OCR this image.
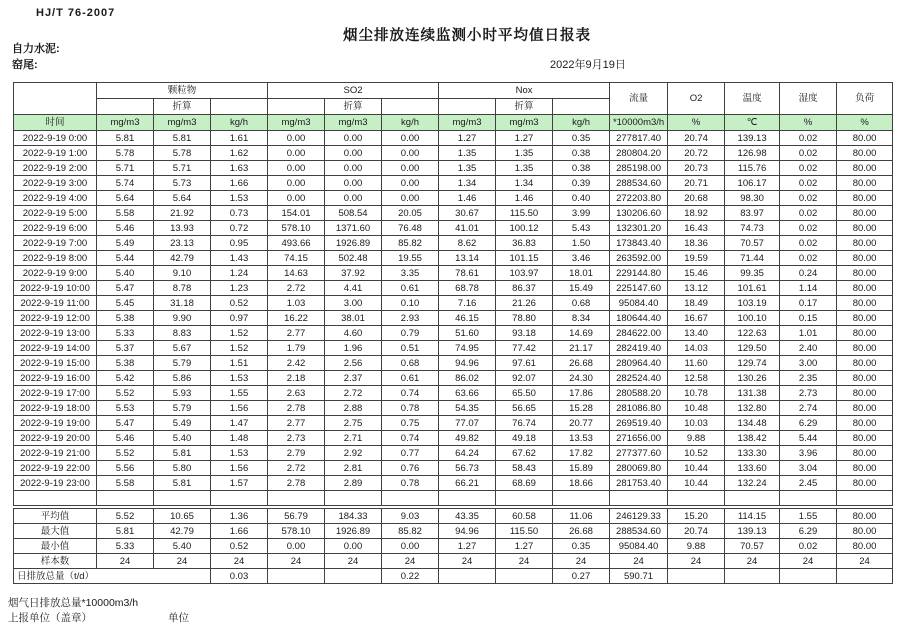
HJ/T 76-2007
烟尘排放连续监测小时平均值日报表
自力水泥:
窑尾:	2022年9月19日
	颗粒物			SO2			Nox			流量	O2	温度	湿度	负荷
		折算			折算			折算						
时间	mg/m3	mg/m3	kg/h	mg/m3	mg/m3	kg/h	mg/m3	mg/m3	kg/h	*10000m3/h	%	℃	%	%
2022-9-19 0:00	5.81	5.81	1.61	0.00	0.00	0.00	1.27	1.27	0.35	277817.40	20.74	139.13	0.02	80.00
2022-9-19 1:00	5.78	5.78	1.62	0.00	0.00	0.00	1.35	1.35	0.38	280804.20	20.72	126.98	0.02	80.00
2022-9-19 2:00	5.71	5.71	1.63	0.00	0.00	0.00	1.35	1.35	0.38	285198.00	20.73	115.76	0.02	80.00
2022-9-19 3:00	5.74	5.73	1.66	0.00	0.00	0.00	1.34	1.34	0.39	288534.60	20.71	106.17	0.02	80.00
2022-9-19 4:00	5.64	5.64	1.53	0.00	0.00	0.00	1.46	1.46	0.40	272203.80	20.68	98.30	0.02	80.00
2022-9-19 5:00	5.58	21.92	0.73	154.01	508.54	20.05	30.67	115.50	3.99	130206.60	18.92	83.97	0.02	80.00
2022-9-19 6:00	5.46	13.93	0.72	578.10	1371.60	76.48	41.01	100.12	5.43	132301.20	16.43	74.73	0.02	80.00
2022-9-19 7:00	5.49	23.13	0.95	493.66	1926.89	85.82	8.62	36.83	1.50	173843.40	18.36	70.57	0.02	80.00
2022-9-19 8:00	5.44	42.79	1.43	74.15	502.48	19.55	13.14	101.15	3.46	263592.00	19.59	71.44	0.02	80.00
2022-9-19 9:00	5.40	9.10	1.24	14.63	37.92	3.35	78.61	103.97	18.01	229144.80	15.46	99.35	0.24	80.00
2022-9-19 10:00	5.47	8.78	1.23	2.72	4.41	0.61	68.78	86.37	15.49	225147.60	13.12	101.61	1.14	80.00
2022-9-19 11:00	5.45	31.18	0.52	1.03	3.00	0.10	7.16	21.26	0.68	95084.40	18.49	103.19	0.17	80.00
2022-9-19 12:00	5.38	9.90	0.97	16.22	38.01	2.93	46.15	78.80	8.34	180644.40	16.67	100.10	0.15	80.00
2022-9-19 13:00	5.33	8.83	1.52	2.77	4.60	0.79	51.60	93.18	14.69	284622.00	13.40	122.63	1.01	80.00
2022-9-19 14:00	5.37	5.67	1.52	1.79	1.96	0.51	74.95	77.42	21.17	282419.40	14.03	129.50	2.40	80.00
2022-9-19 15:00	5.38	5.79	1.51	2.42	2.56	0.68	94.96	97.61	26.68	280964.40	11.60	129.74	3.00	80.00
2022-9-19 16:00	5.42	5.86	1.53	2.18	2.37	0.61	86.02	92.07	24.30	282524.40	12.58	130.26	2.35	80.00
2022-9-19 17:00	5.52	5.93	1.55	2.63	2.72	0.74	63.66	65.50	17.86	280588.20	10.78	131.38	2.73	80.00
2022-9-19 18:00	5.53	5.79	1.56	2.78	2.88	0.78	54.35	56.65	15.28	281086.80	10.48	132.80	2.74	80.00
2022-9-19 19:00	5.47	5.49	1.47	2.77	2.75	0.75	77.07	76.74	20.77	269519.40	10.03	134.48	6.29	80.00
2022-9-19 20:00	5.46	5.40	1.48	2.73	2.71	0.74	49.82	49.18	13.53	271656.00	9.88	138.42	5.44	80.00
2022-9-19 21:00	5.52	5.81	1.53	2.79	2.92	0.77	64.24	67.62	17.82	277377.60	10.52	133.30	3.96	80.00
2022-9-19 22:00	5.56	5.80	1.56	2.72	2.81	0.76	56.73	58.43	15.89	280069.80	10.44	133.60	3.04	80.00
2022-9-19 23:00	5.58	5.81	1.57	2.78	2.89	0.78	66.21	68.69	18.66	281753.40	10.44	132.24	2.45	80.00

平均值	5.52	10.65	1.36	56.79	184.33	9.03	43.35	60.58	11.06	246129.33	15.20	114.15	1.55	80.00
最大值	5.81	42.79	1.66	578.10	1926.89	85.82	94.96	115.50	26.68	288534.60	20.74	139.13	6.29	80.00
最小值	5.33	5.40	0.52	0.00	0.00	0.00	1.27	1.27	0.35	95084.40	9.88	70.57	0.02	80.00
样本数	24	24	24	24	24	24	24	24	24	24	24	24	24	24
日排放总量（t/d）			0.03			0.22			0.27	590.71				
烟气日排放总量*10000m3/h
上报单位（盖章）	单位
